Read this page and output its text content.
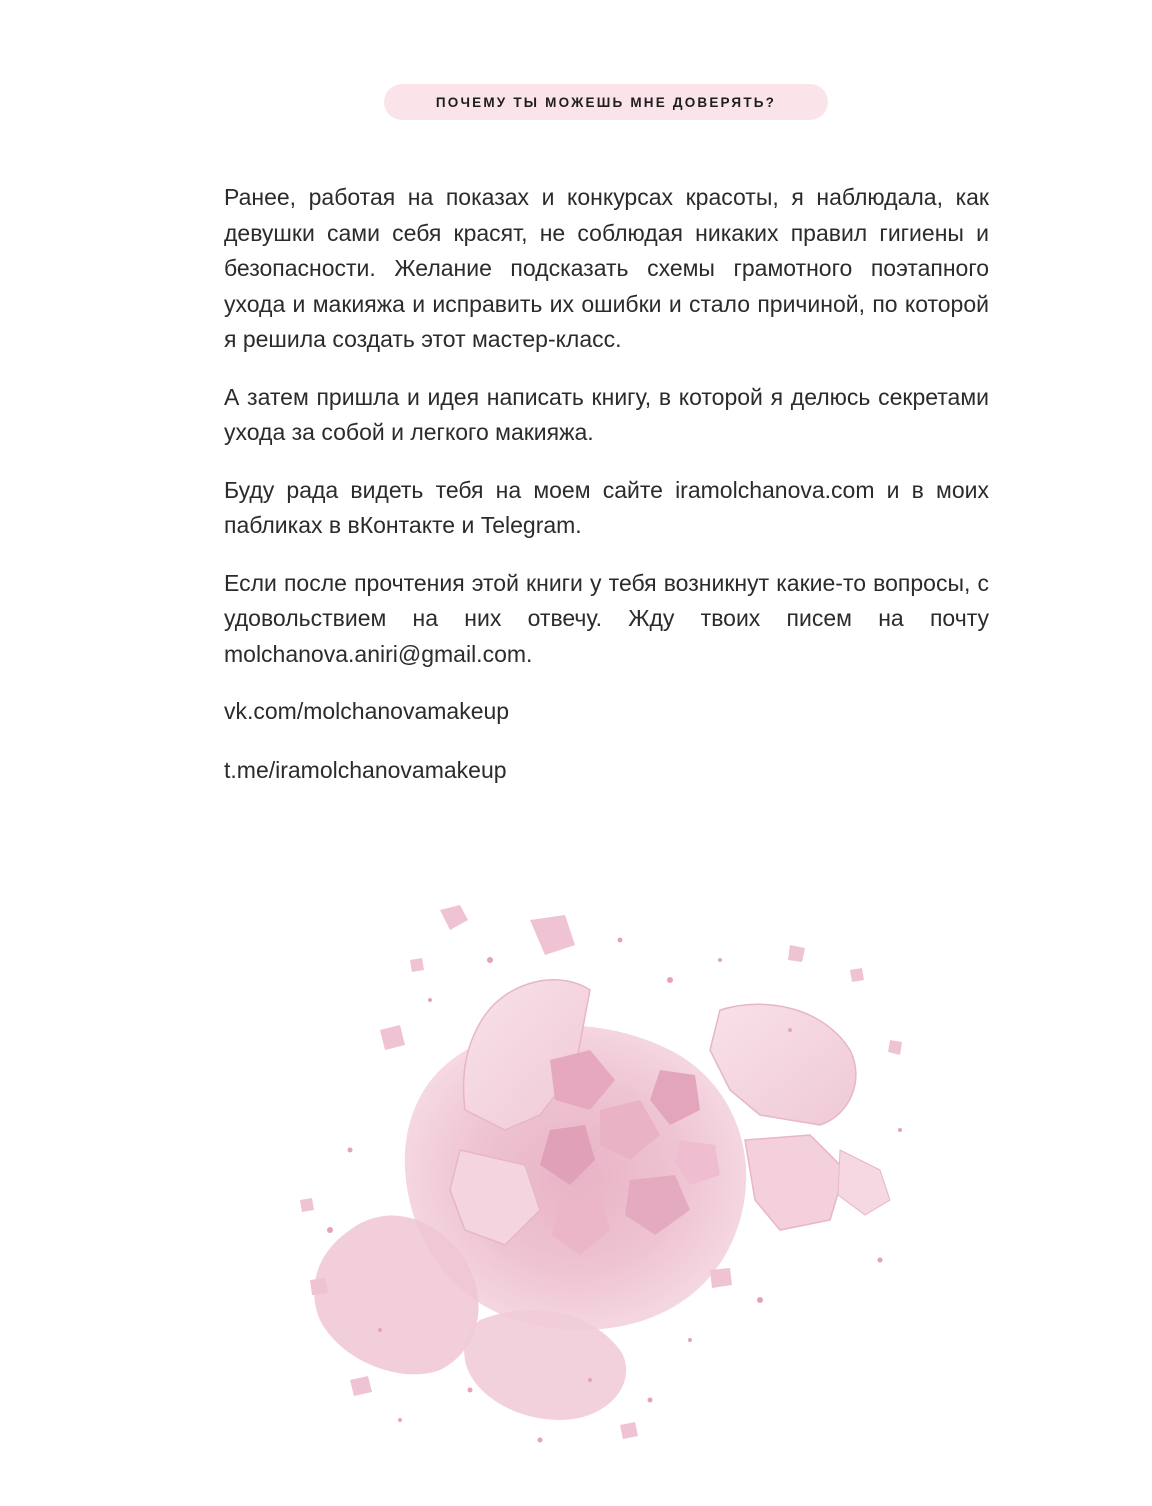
ПОЧЕМУ ТЫ МОЖЕШЬ МНЕ ДОВЕРЯТЬ?

Ранее, работая на показах и конкурсах красоты, я наблюдала, как девушки сами себя красят, не соблюдая никаких правил гигиены и безопасности. Желание подсказать схемы грамотного поэтапного ухода и макияжа и исправить их ошибки и стало причиной, по которой я решила создать этот мастер-класс.

А затем пришла и идея написать книгу, в которой я делюсь секретами ухода за собой и легкого макияжа.

Буду рада видеть тебя на моем сайте iramolchanova.com и в моих пабликах в вКонтакте и Telegram.

Если после прочтения этой книги у тебя возникнут какие-то вопросы, с удовольствием на них отвечу. Жду твоих писем на почту molchanova.aniri@gmail.com.

vk.com/molchanovamakeup

t.me/iramolchanovamakeup
